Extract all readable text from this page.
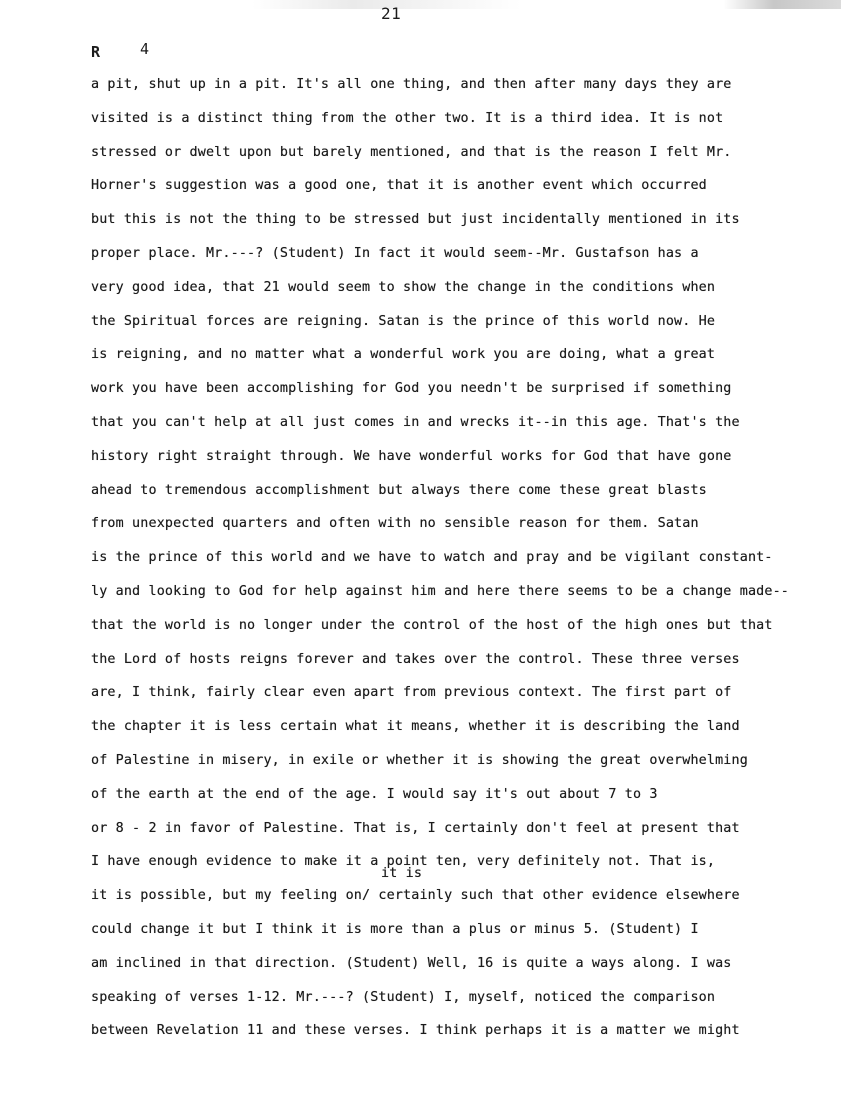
21
R	4
it is
a pit, shut up in a pit. It's all one thing, and then after many days they are
visited is a distinct thing from the other two. It is a third idea. It is not
stressed or dwelt upon but barely mentioned, and that is the reason I felt Mr.
Horner's suggestion was a good one, that it is another event which occurred
but this is not the thing to be stressed but just incidentally mentioned in its
proper place. Mr.---? (Student) In fact it would seem--Mr. Gustafson has a
very good idea, that 21 would seem to show the change in the conditions when
the Spiritual forces are reigning. Satan is the prince of this world now. He
is reigning, and no matter what a wonderful work you are doing, what a great
work you have been accomplishing for God you needn't be surprised if something
that you can't help at all just comes in and wrecks it--in this age. That's the
history right straight through. We have wonderful works for God that have gone
ahead to tremendous accomplishment but always there come these great blasts
from unexpected quarters and often with no sensible reason for them. Satan
is the prince of this world and we have to watch and pray and be vigilant constant-
ly and looking to God for help against him and here there seems to be a change made--
that the world is no longer under the control of the host of the high ones but that
the Lord of hosts reigns forever and takes over the control. These three verses
are, I think, fairly clear even apart from previous context. The first part of
the chapter it is less certain what it means, whether it is describing the land
of Palestine in misery, in exile or whether it is showing the great overwhelming
of the earth at the end of the age. I would say it's out about 7 to 3
or 8 - 2 in favor of Palestine. That is, I certainly don't feel at present that
I have enough evidence to make it a point ten, very definitely not. That is,
it is possible, but my feeling on/ certainly such that other evidence elsewhere
could change it but I think it is more than a plus or minus 5. (Student) I
am inclined in that direction. (Student) Well, 16 is quite a ways along. I was
speaking of verses 1-12. Mr.---? (Student) I, myself, noticed the comparison
between Revelation 11 and these verses. I think perhaps it is a matter we might
